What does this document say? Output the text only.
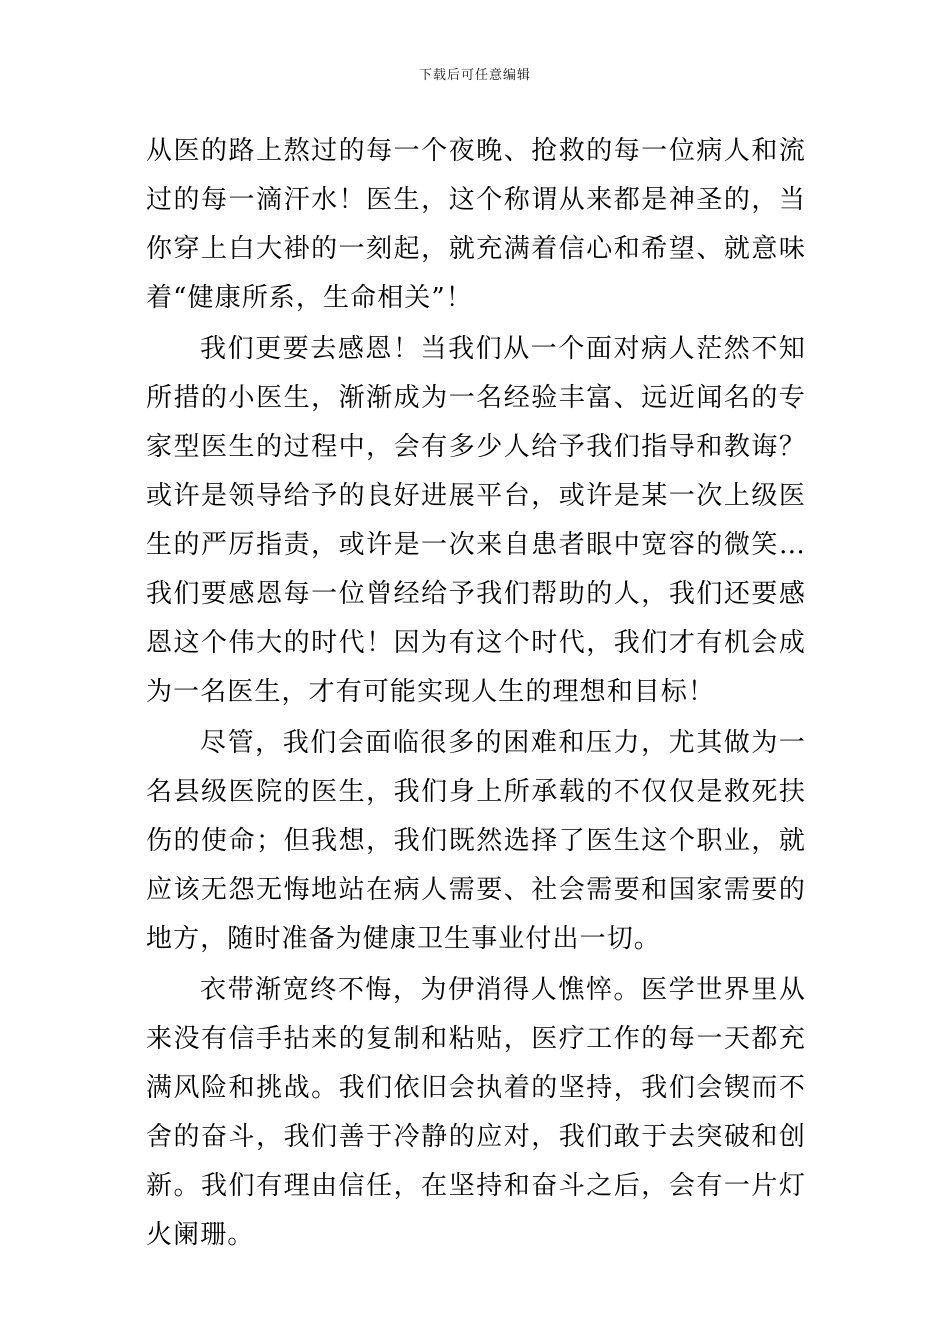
下载后可任意编辑

从医的路上熬过的每一个夜晚、抢救的每一位病人和流过的每一滴汗水！医生，这个称谓从来都是神圣的，当你穿上白大褂的一刻起，就充满着信心和希望、就意味着“健康所系，生命相关”！

我们更要去感恩！当我们从一个面对病人茫然不知所措的小医生，渐渐成为一名经验丰富、远近闻名的专家型医生的过程中，会有多少人给予我们指导和教诲？或许是领导给予的良好进展平台，或许是某一次上级医生的严厉指责，或许是一次来自患者眼中宽容的微笑…我们要感恩每一位曾经给予我们帮助的人，我们还要感恩这个伟大的时代！因为有这个时代，我们才有机会成为一名医生，才有可能实现人生的理想和目标！

尽管，我们会面临很多的困难和压力，尤其做为一名县级医院的医生，我们身上所承载的不仅仅是救死扶伤的使命；但我想，我们既然选择了医生这个职业，就应该无怨无悔地站在病人需要、社会需要和国家需要的地方，随时准备为健康卫生事业付出一切。

衣带渐宽终不悔，为伊消得人憔悴。医学世界里从来没有信手拈来的复制和粘贴，医疗工作的每一天都充满风险和挑战。我们依旧会执着的坚持，我们会锲而不舍的奋斗，我们善于冷静的应对，我们敢于去突破和创新。我们有理由信任，在坚持和奋斗之后，会有一片灯火阑珊。
